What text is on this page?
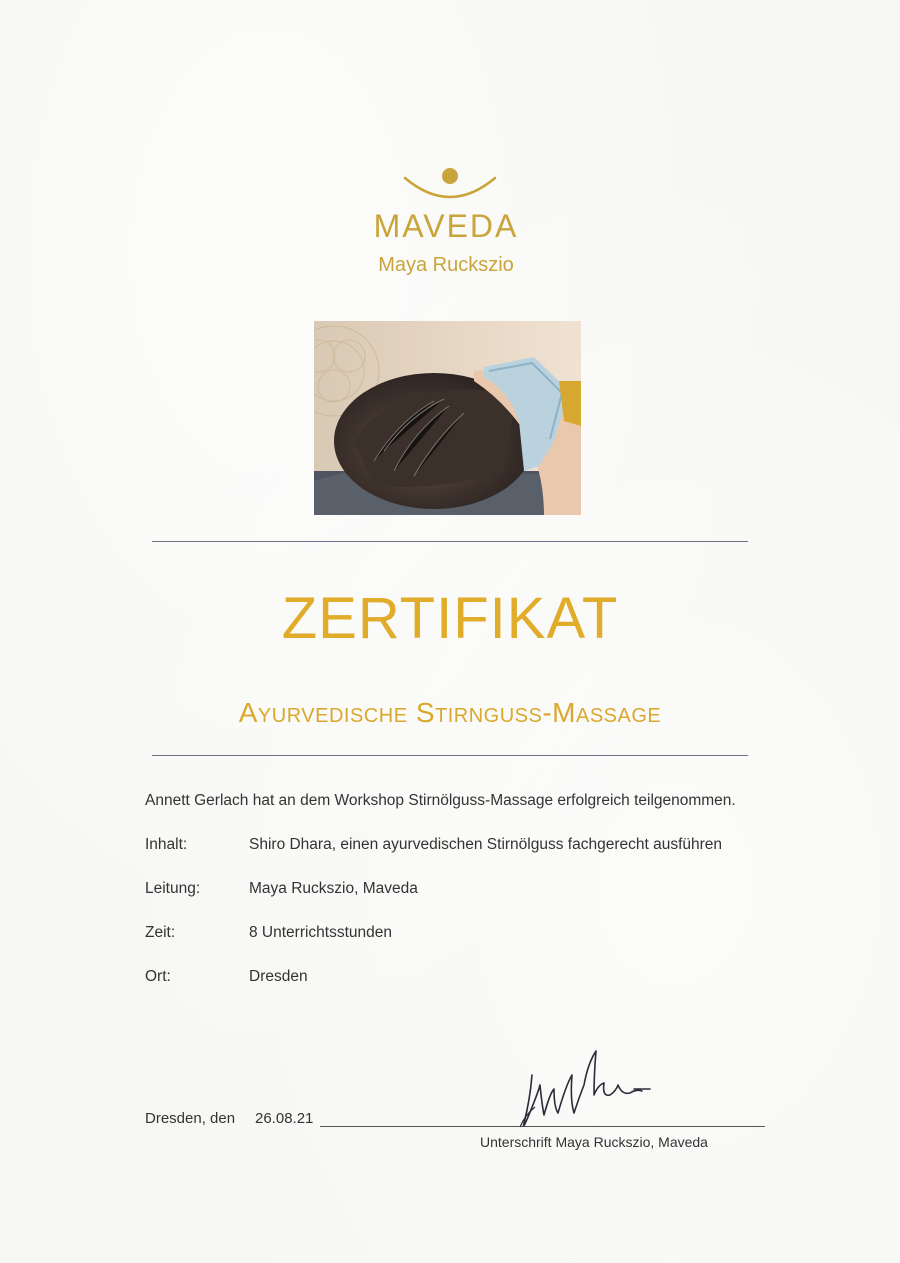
MAVEDA
Maya Ruckszio
ZERTIFIKAT
Ayurvedische Stirnguss-Massage
Annett Gerlach hat an dem Workshop Stirnölguss-Massage erfolgreich teilgenommen.
Inhalt:	Shiro Dhara, einen ayurvedischen Stirnölguss fachgerecht ausführen
Leitung:	Maya Ruckszio, Maveda
Zeit:	8 Unterrichtsstunden
Ort:	Dresden
Dresden, den 26.08.21
Unterschrift Maya Ruckszio, Maveda
